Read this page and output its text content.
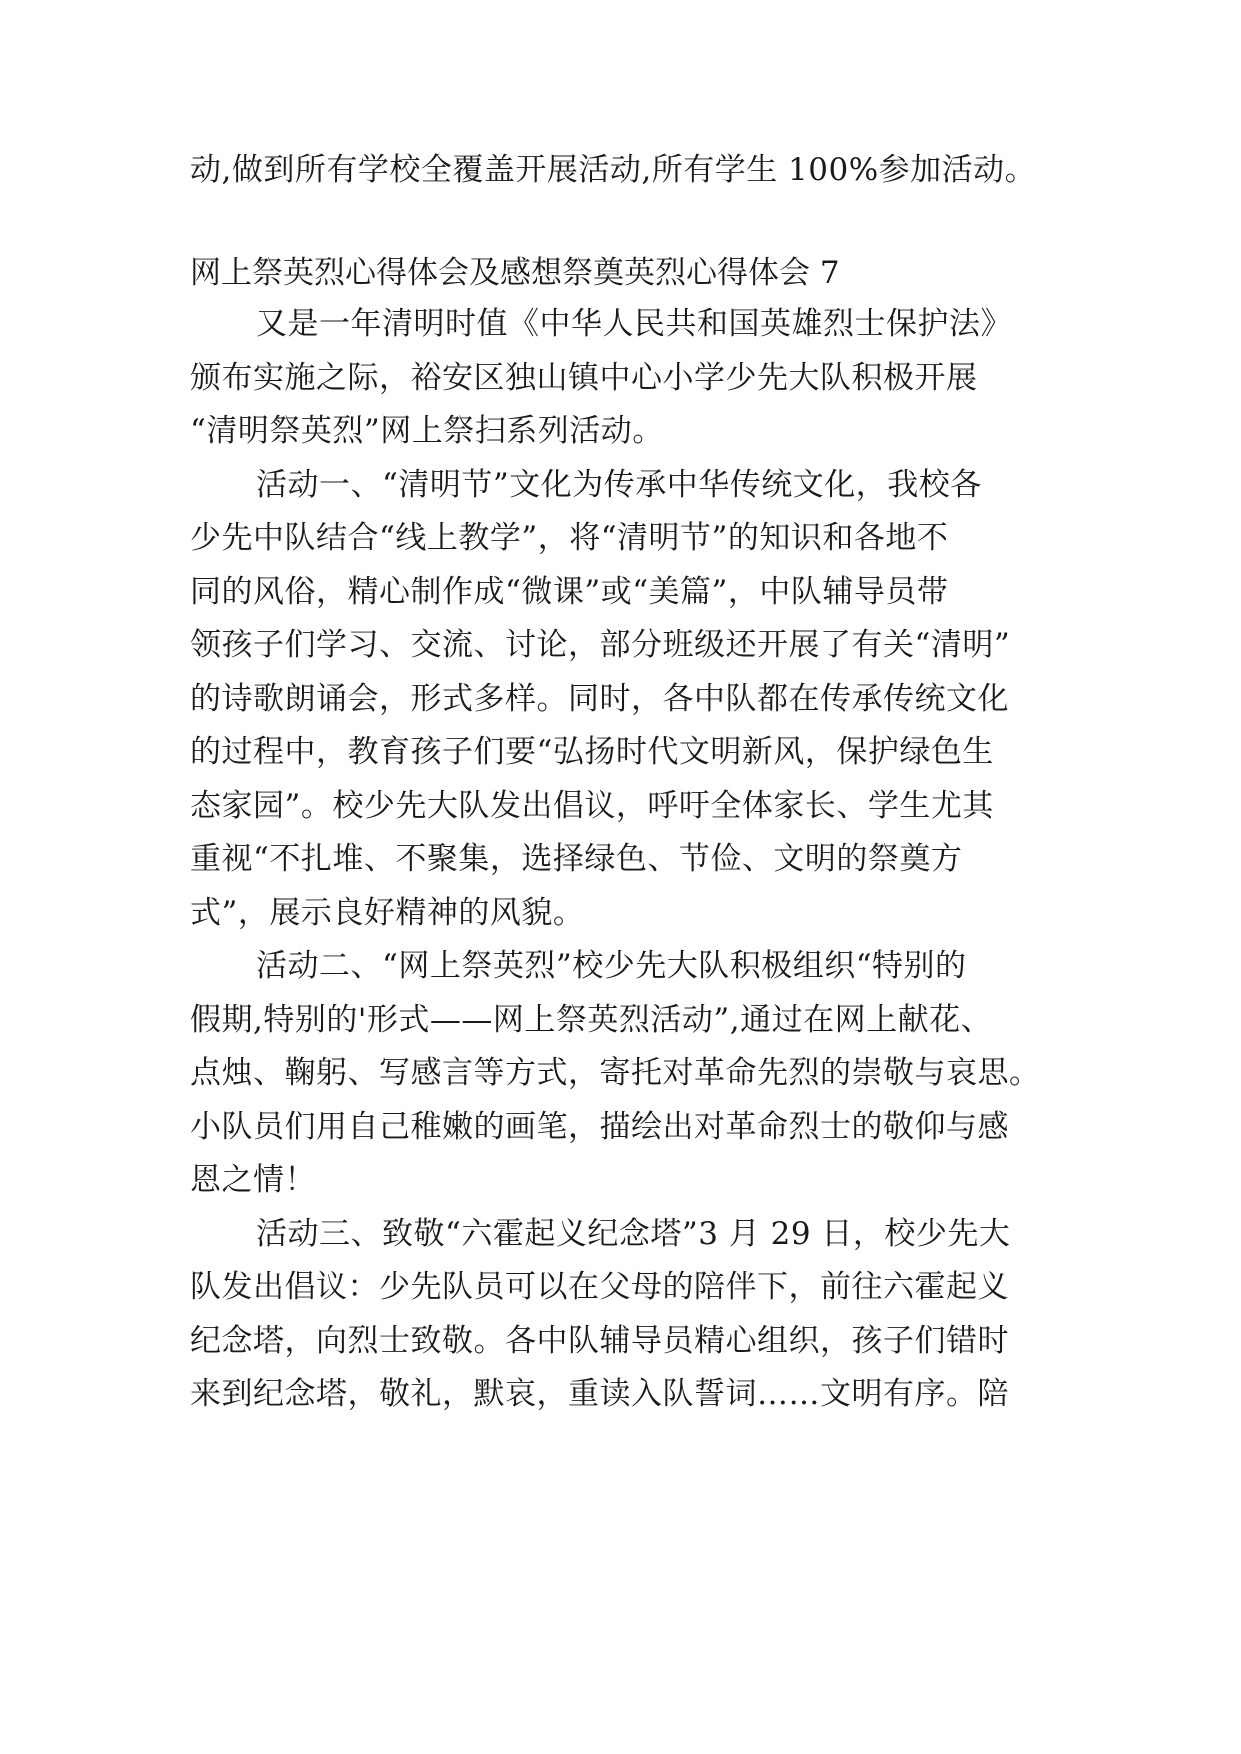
动,做到所有学校全覆盖开展活动,所有学生 100%参加活动。
网上祭英烈心得体会及感想祭奠英烈心得体会 7
又是一年清明时值《中华人民共和国英雄烈士保护法》
颁布实施之际，裕安区独山镇中心小学少先大队积极开展
“清明祭英烈”网上祭扫系列活动。
活动一、“清明节”文化为传承中华传统文化，我校各
少先中队结合“线上教学”，将“清明节”的知识和各地不
同的风俗，精心制作成“微课”或“美篇”，中队辅导员带
领孩子们学习、交流、讨论，部分班级还开展了有关“清明”
的诗歌朗诵会，形式多样。同时，各中队都在传承传统文化
的过程中，教育孩子们要“弘扬时代文明新风，保护绿色生
态家园”。校少先大队发出倡议，呼吁全体家长、学生尤其
重视“不扎堆、不聚集，选择绿色、节俭、文明的祭奠方
式”，展示良好精神的风貌。
活动二、“网上祭英烈”校少先大队积极组织“特别的
假期,特别的'形式——网上祭英烈活动”,通过在网上献花、
点烛、鞠躬、写感言等方式，寄托对革命先烈的崇敬与哀思。
小队员们用自己稚嫩的画笔，描绘出对革命烈士的敬仰与感
恩之情！
活动三、致敬“六霍起义纪念塔”3 月 29 日，校少先大
队发出倡议：少先队员可以在父母的陪伴下，前往六霍起义
纪念塔，向烈士致敬。各中队辅导员精心组织，孩子们错时
来到纪念塔，敬礼，默哀，重读入队誓词……文明有序。陪
